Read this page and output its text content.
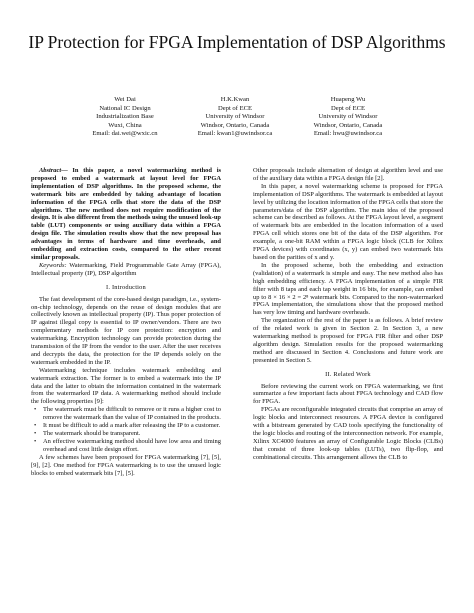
IP Protection for FPGA Implementation of DSP Algorithms
Wei Dai
National IC Design
Industrialization Base
Wuxi, China
Email: dai.wei@wxic.cn
H.K.Kwan
Dept of ECE
University of Windsor
Windsor, Ontario, Canada
Email: kwan1@uwindsor.ca
Huapeng Wu
Dept of ECE
University of Windsor
Windsor, Ontario, Canada
Email: hwu@uwindsor.ca

Abstract— In this paper, a novel watermarking method is proposed to embed a watermark at layout level for FPGA implementation of DSP algorithms. In the proposed scheme, the watermark bits are embedded by taking advantage of location information of the FPGA cells that store the data of the DSP algorithms. The new method does not require modification of the design. It is also different from the methods using the unused look-up table (LUT) components or using auxiliary data within a FPGA design file. The simulation results show that the new proposal has advantages in terms of hardware and time overheads, and embedding and extraction costs, compared to the other recent similar proposals.

Keywords: Watermarking, Field Programmable Gate Array (FPGA), Intellectual property (IP), DSP algorithm

I. Introduction

The fast development of the core-based design paradigm, i.e., system-on-chip technology, depends on the reuse of design modules that are collectively known as intellectual property (IP). Thus poper protection of IP against illegal copy is essential to IP owner/vendors. There are two complementary methods for IP core protection: encryption and watermarking. Encryption technology can provide protection during the transmission of the IP from the vendor to the user. After the user receives and decrypts the data, the protection for the IP depends solely on the watermark embedded in the IP.

Watermarking technique includes watermark embedding and watermark extraction. The former is to embed a watermark into the IP data and the latter to obtain the information contained in the watermark from the watermarked IP data. A watermarking method should include the following properties [9]:

• The watermark must be difficult to remove or it runs a higher cost to remove the watermark than the value of IP contained in the products.
• It must be difficult to add a mark after releasing the IP to a customer.
• The watermark should be transparent.
• An effective watermarking method should have low area and timing overhead and cost little design effort.

A few schemes have been proposed for FPGA watermarking [7], [5], [9], [2]. One method for FPGA watermarking is to use the unused logic blocks to embed watermark bits [7], [5].

Other proposals include alternation of design at algorithm level and use of the auxiliary data within a FPGA design file [2].

In this paper, a novel watermarking scheme is proposed for FPGA implementation of DSP algorithms. The watermark is embedded at layout level by utilizing the location information of the FPGA cells that store the parameters/data of the DSP algorithm. The main idea of the proposed scheme can be described as follows. At the FPGA layout level, a segment of watermark bits are embedded in the location information of a used FPGA cell which stores one bit of the data of the DSP algorithm. For example, a one-bit RAM within a FPGA logic block (CLB for Xilinx FPGA devices) with coordinates (x, y) can embed two watermark bits based on the parities of x and y.

In the proposed scheme, both the embedding and extraction (validation) of a watermark is simple and easy. The new method also has high embedding efficiency. A FPGA implementation of a simple FIR filter with 8 taps and each tap weight in 16 bits, for example, can embed up to 8 × 16 × 2 = 2⁸ watermark bits. Compared to the non-watermarked FPGA implementation, the simulations show that the proposed method has very low timing and hardware overheads.

The organization of the rest of the paper is as follows. A brief review of the related work is given in Section 2. In Section 3, a new watermarking method is proposed for FPGA FIR filter and other DSP algorithm design. Simulation results for the proposed watermarking method are discussed in Section 4. Conclusions and future work are presented in Section 5.

II. Related Work

Before reviewing the current work on FPGA watermarking, we first summarize a few important facts about FPGA technology and CAD flow for FPGA.

FPGAs are reconfigurable integrated circuits that comprise an array of logic blocks and interconnect resources. A FPGA device is configured with a bitstream generated by CAD tools specifying the functionality of the logic blocks and routing of the interconnection network. For example, Xilinx XC4000 features an array of Configurable Logic Blocks (CLBs) that consist of three look-up tables (LUTs), two flip-flop, and combinational circuits. This arrangement allows the CLB to
